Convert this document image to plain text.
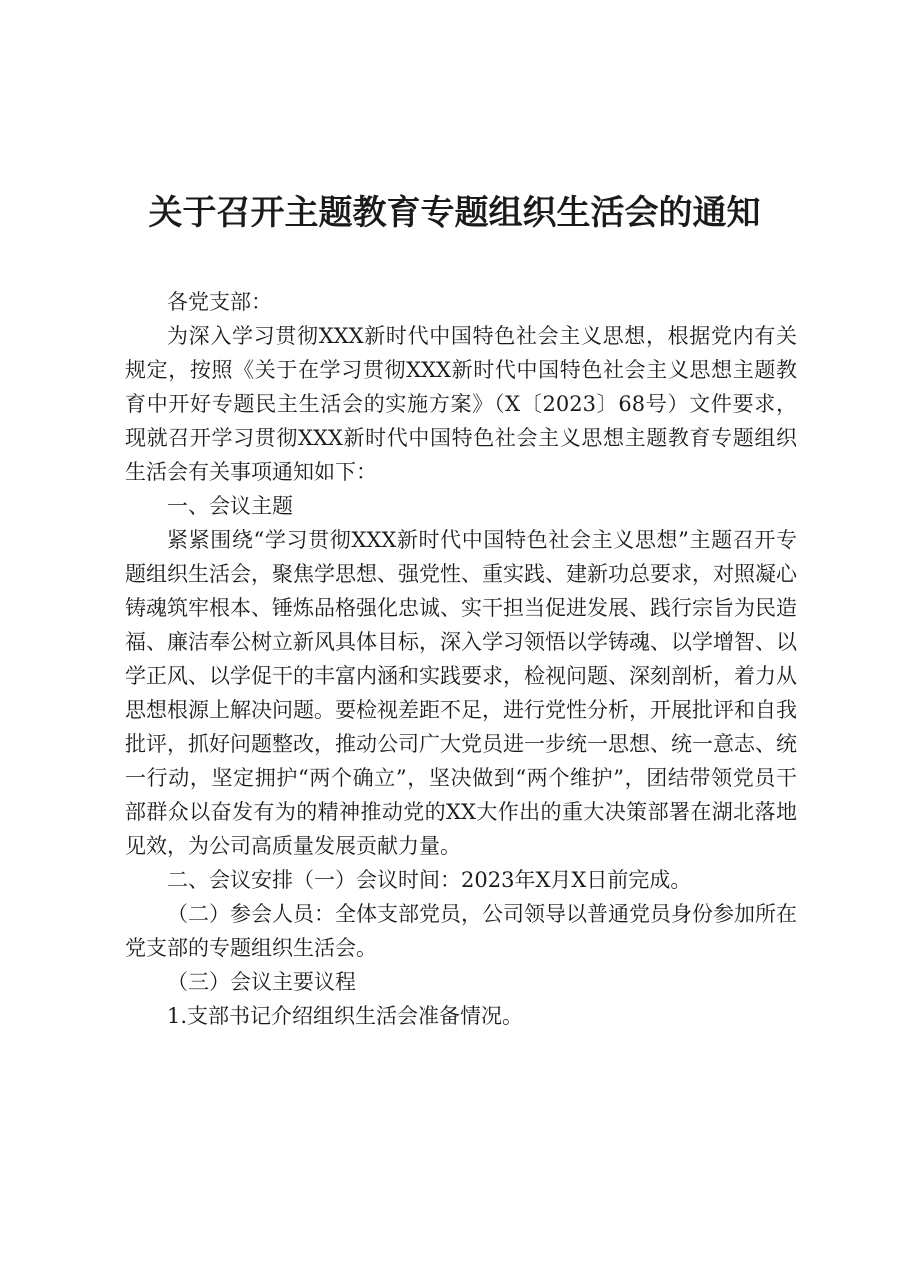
关于召开主题教育专题组织生活会的通知

各党支部：

为深入学习贯彻XXX新时代中国特色社会主义思想，根据党内有关规定，按照《关于在学习贯彻XXX新时代中国特色社会主义思想主题教育中开好专题民主生活会的实施方案》（X〔2023〕68号）文件要求，现就召开学习贯彻XXX新时代中国特色社会主义思想主题教育专题组织生活会有关事项通知如下：

一、会议主题

紧紧围绕“学习贯彻XXX新时代中国特色社会主义思想”主题召开专题组织生活会，聚焦学思想、强党性、重实践、建新功总要求，对照凝心铸魂筑牢根本、锤炼品格强化忠诚、实干担当促进发展、践行宗旨为民造福、廉洁奉公树立新风具体目标，深入学习领悟以学铸魂、以学增智、以学正风、以学促干的丰富内涵和实践要求，检视问题、深刻剖析，着力从思想根源上解决问题。要检视差距不足，进行党性分析，开展批评和自我批评，抓好问题整改，推动公司广大党员进一步统一思想、统一意志、统一行动，坚定拥护“两个确立”，坚决做到“两个维护”，团结带领党员干部群众以奋发有为的精神推动党的XX大作出的重大决策部署在湖北落地见效，为公司高质量发展贡献力量。

二、会议安排（一）会议时间：2023年X月X日前完成。

（二）参会人员：全体支部党员，公司领导以普通党员身份参加所在党支部的专题组织生活会。

（三）会议主要议程

1.支部书记介绍组织生活会准备情况。
